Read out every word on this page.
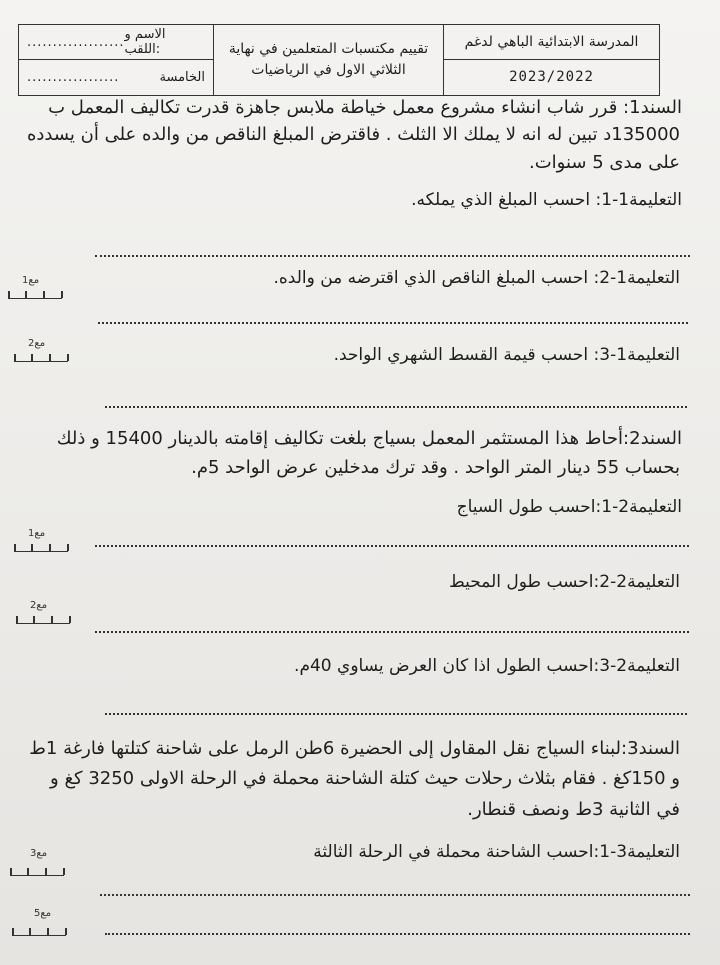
................... الاسم و اللقب:
..................	الخامسة
تقييم مكتسبات المتعلمين في نهاية
الثلاثي الاول في الرياضيات
المدرسة الابتدائية الباهي لدغم
2023/2022
السند1: قرر شاب انشاء مشروع معمل خياطة ملابس جاهزة قدرت تكاليف المعمل ب
135000د تبين له انه لا يملك الا الثلث . فاقترض المبلغ الناقص من والده على أن يسدده
على مدى 5 سنوات.
التعليمة1-1: احسب المبلغ الذي يملكه.
مع1	التعليمة1-2: احسب المبلغ الناقص الذي اقترضه من والده.
مع2
التعليمة1-3: احسب قيمة القسط الشهري الواحد.
السند2:أحاط هذا المستثمر المعمل بسياج بلغت تكاليف إقامته بالدينار 15400 و ذلك
بحساب 55 دينار المتر الواحد . وقد ترك مدخلين عرض الواحد 5م.
التعليمة2-1:احسب طول السياج
مع1
التعليمة2-2:احسب طول المحيط
مع2
التعليمة2-3:احسب الطول اذا كان العرض يساوي 40م.
السند3:لبناء السياج نقل المقاول إلى الحضيرة 6طن الرمل على شاحنة كتلتها فارغة 1ط
و 150كغ . فقام بثلاث رحلات حيث كتلة الشاحنة محملة في الرحلة الاولى 3250 كغ و
في الثانية 3ط ونصف قنطار.
التعليمة3-1:احسب الشاحنة محملة في الرحلة الثالثة
مع3
مع5
